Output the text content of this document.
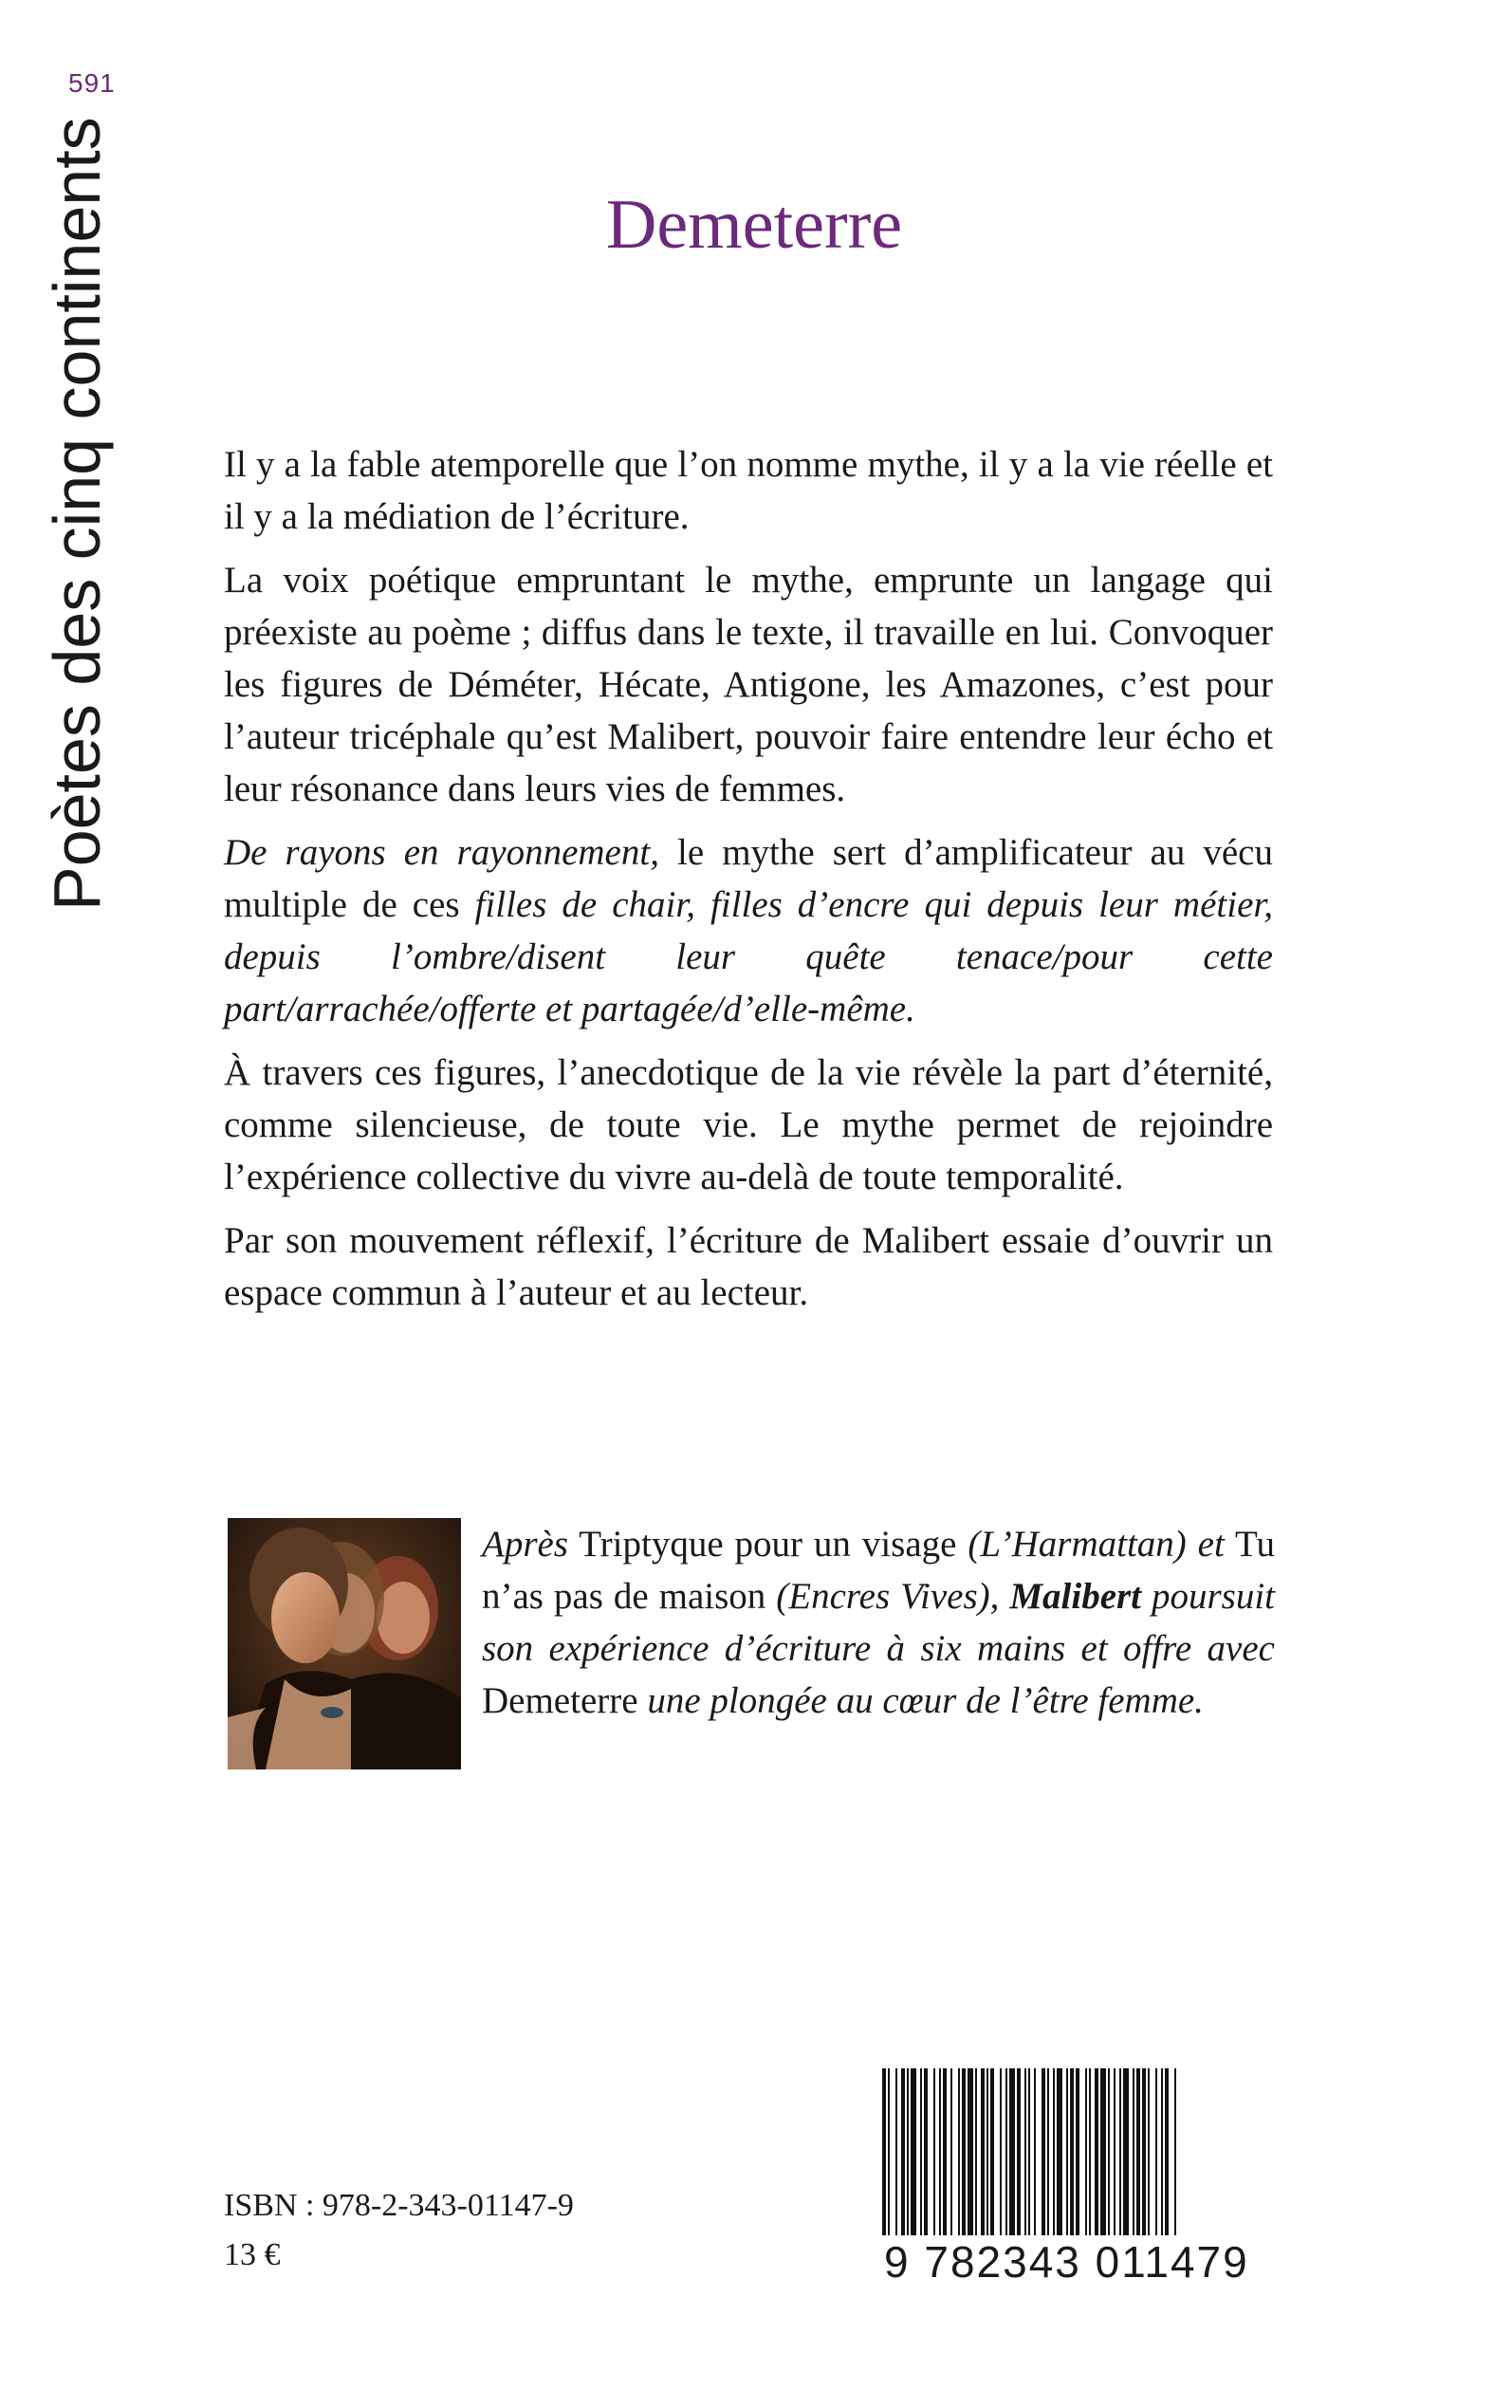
591
Poètes des cinq continents	Demeterre

Il y a la fable atemporelle que l’on nomme mythe, il y a la vie réelle et il y a la médiation de l’écriture.

La voix poétique empruntant le mythe, emprunte un langage qui préexiste au poème ; diffus dans le texte, il travaille en lui. Convoquer les figures de Déméter, Hécate, Antigone, les Amazones, c’est pour l’auteur tricéphale qu’est Malibert, pouvoir faire entendre leur écho et leur résonance dans leurs vies de femmes.

De rayons en rayonnement, le mythe sert d’amplificateur au vécu multiple de ces filles de chair, filles d’encre qui depuis leur métier, depuis l’ombre/disent leur quête tenace/pour cette part/arrachée/offerte et partagée/d’elle-même.

À travers ces figures, l’anecdotique de la vie révèle la part d’éternité, comme silencieuse, de toute vie. Le mythe permet de rejoindre l’expérience collective du vivre au-delà de toute temporalité.

Par son mouvement réflexif, l’écriture de Malibert essaie d’ouvrir un espace commun à l’auteur et au lecteur.

Après Triptyque pour un visage (L’Harmattan) et Tu n’as pas de maison (Encres Vives), Malibert poursuit son expérience d’écriture à six mains et offre avec Demeterre une plongée au cœur de l’être femme.

ISBN : 978-2-343-01147-9
13 €	9 782343 011479
